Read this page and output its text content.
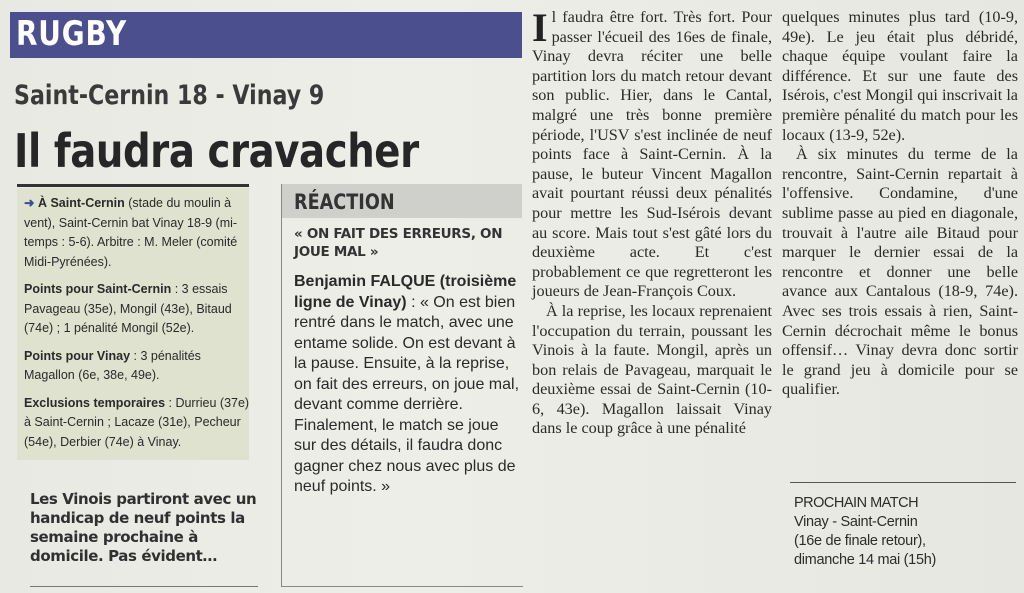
RUGBY
Saint-Cernin 18 - Vinay 9
Il faudra cravacher

➜ À Saint-Cernin (stade du moulin à vent), Saint-Cernin bat Vinay 18-9 (mi-temps : 5-6). Arbitre : M. Meler (comité Midi-Pyrénées).

Points pour Saint-Cernin : 3 essais Pavageau (35e), Mongil (43e), Bitaud (74e) ; 1 pénalité Mongil (52e).

Points pour Vinay : 3 pénalités Magallon (6e, 38e, 49e).

Exclusions temporaires : Durrieu (37e) à Saint-Cernin ; Lacaze (31e), Pecheur (54e), Derbier (74e) à Vinay.

Les Vinois partiront avec un handicap de neuf points la semaine prochaine à domicile. Pas évident…
RÉACTION
« ON FAIT DES ERREURS, ON JOUE MAL »
Benjamin FALQUE (troisième ligne de Vinay) : « On est bien rentré dans le match, avec une entame solide. On est devant à la pause. Ensuite, à la reprise, on fait des erreurs, on joue mal, devant comme derrière. Finalement, le match se joue sur des détails, il faudra donc gagner chez nous avec plus de neuf points. »

Il faudra être fort. Très fort. Pour passer l'écueil des 16es de finale, Vinay devra réciter une belle partition lors du match retour devant son public. Hier, dans le Cantal, malgré une très bonne première période, l'USV s'est inclinée de neuf points face à Saint-Cernin. À la pause, le buteur Vincent Magallon avait pourtant réussi deux pénalités pour mettre les Sud-Isérois devant au score. Mais tout s'est gâté lors du deuxième acte. Et c'est probablement ce que regretteront les joueurs de Jean-François Coux.

À la reprise, les locaux reprenaient l'occupation du terrain, poussant les Vinois à la faute. Mongil, après un bon relais de Pavageau, marquait le deuxième essai de Saint-Cernin (10-6, 43e). Magallon laissait Vinay dans le coup grâce à une pénalité

quelques minutes plus tard (10-9, 49e). Le jeu était plus débridé, chaque équipe voulant faire la différence. Et sur une faute des Isérois, c'est Mongil qui inscrivait la première pénalité du match pour les locaux (13-9, 52e).

À six minutes du terme de la rencontre, Saint-Cernin repartait à l'offensive. Condamine, d'une sublime passe au pied en diagonale, trouvait à l'autre aile Bitaud pour marquer le dernier essai de la rencontre et donner une belle avance aux Cantalous (18-9, 74e). Avec ses trois essais à rien, Saint-Cernin décrochait même le bonus offensif… Vinay devra donc sortir le grand jeu à domicile pour se qualifier.

PROCHAIN MATCH
Vinay - Saint-Cernin
(16e de finale retour),
dimanche 14 mai (15h)
